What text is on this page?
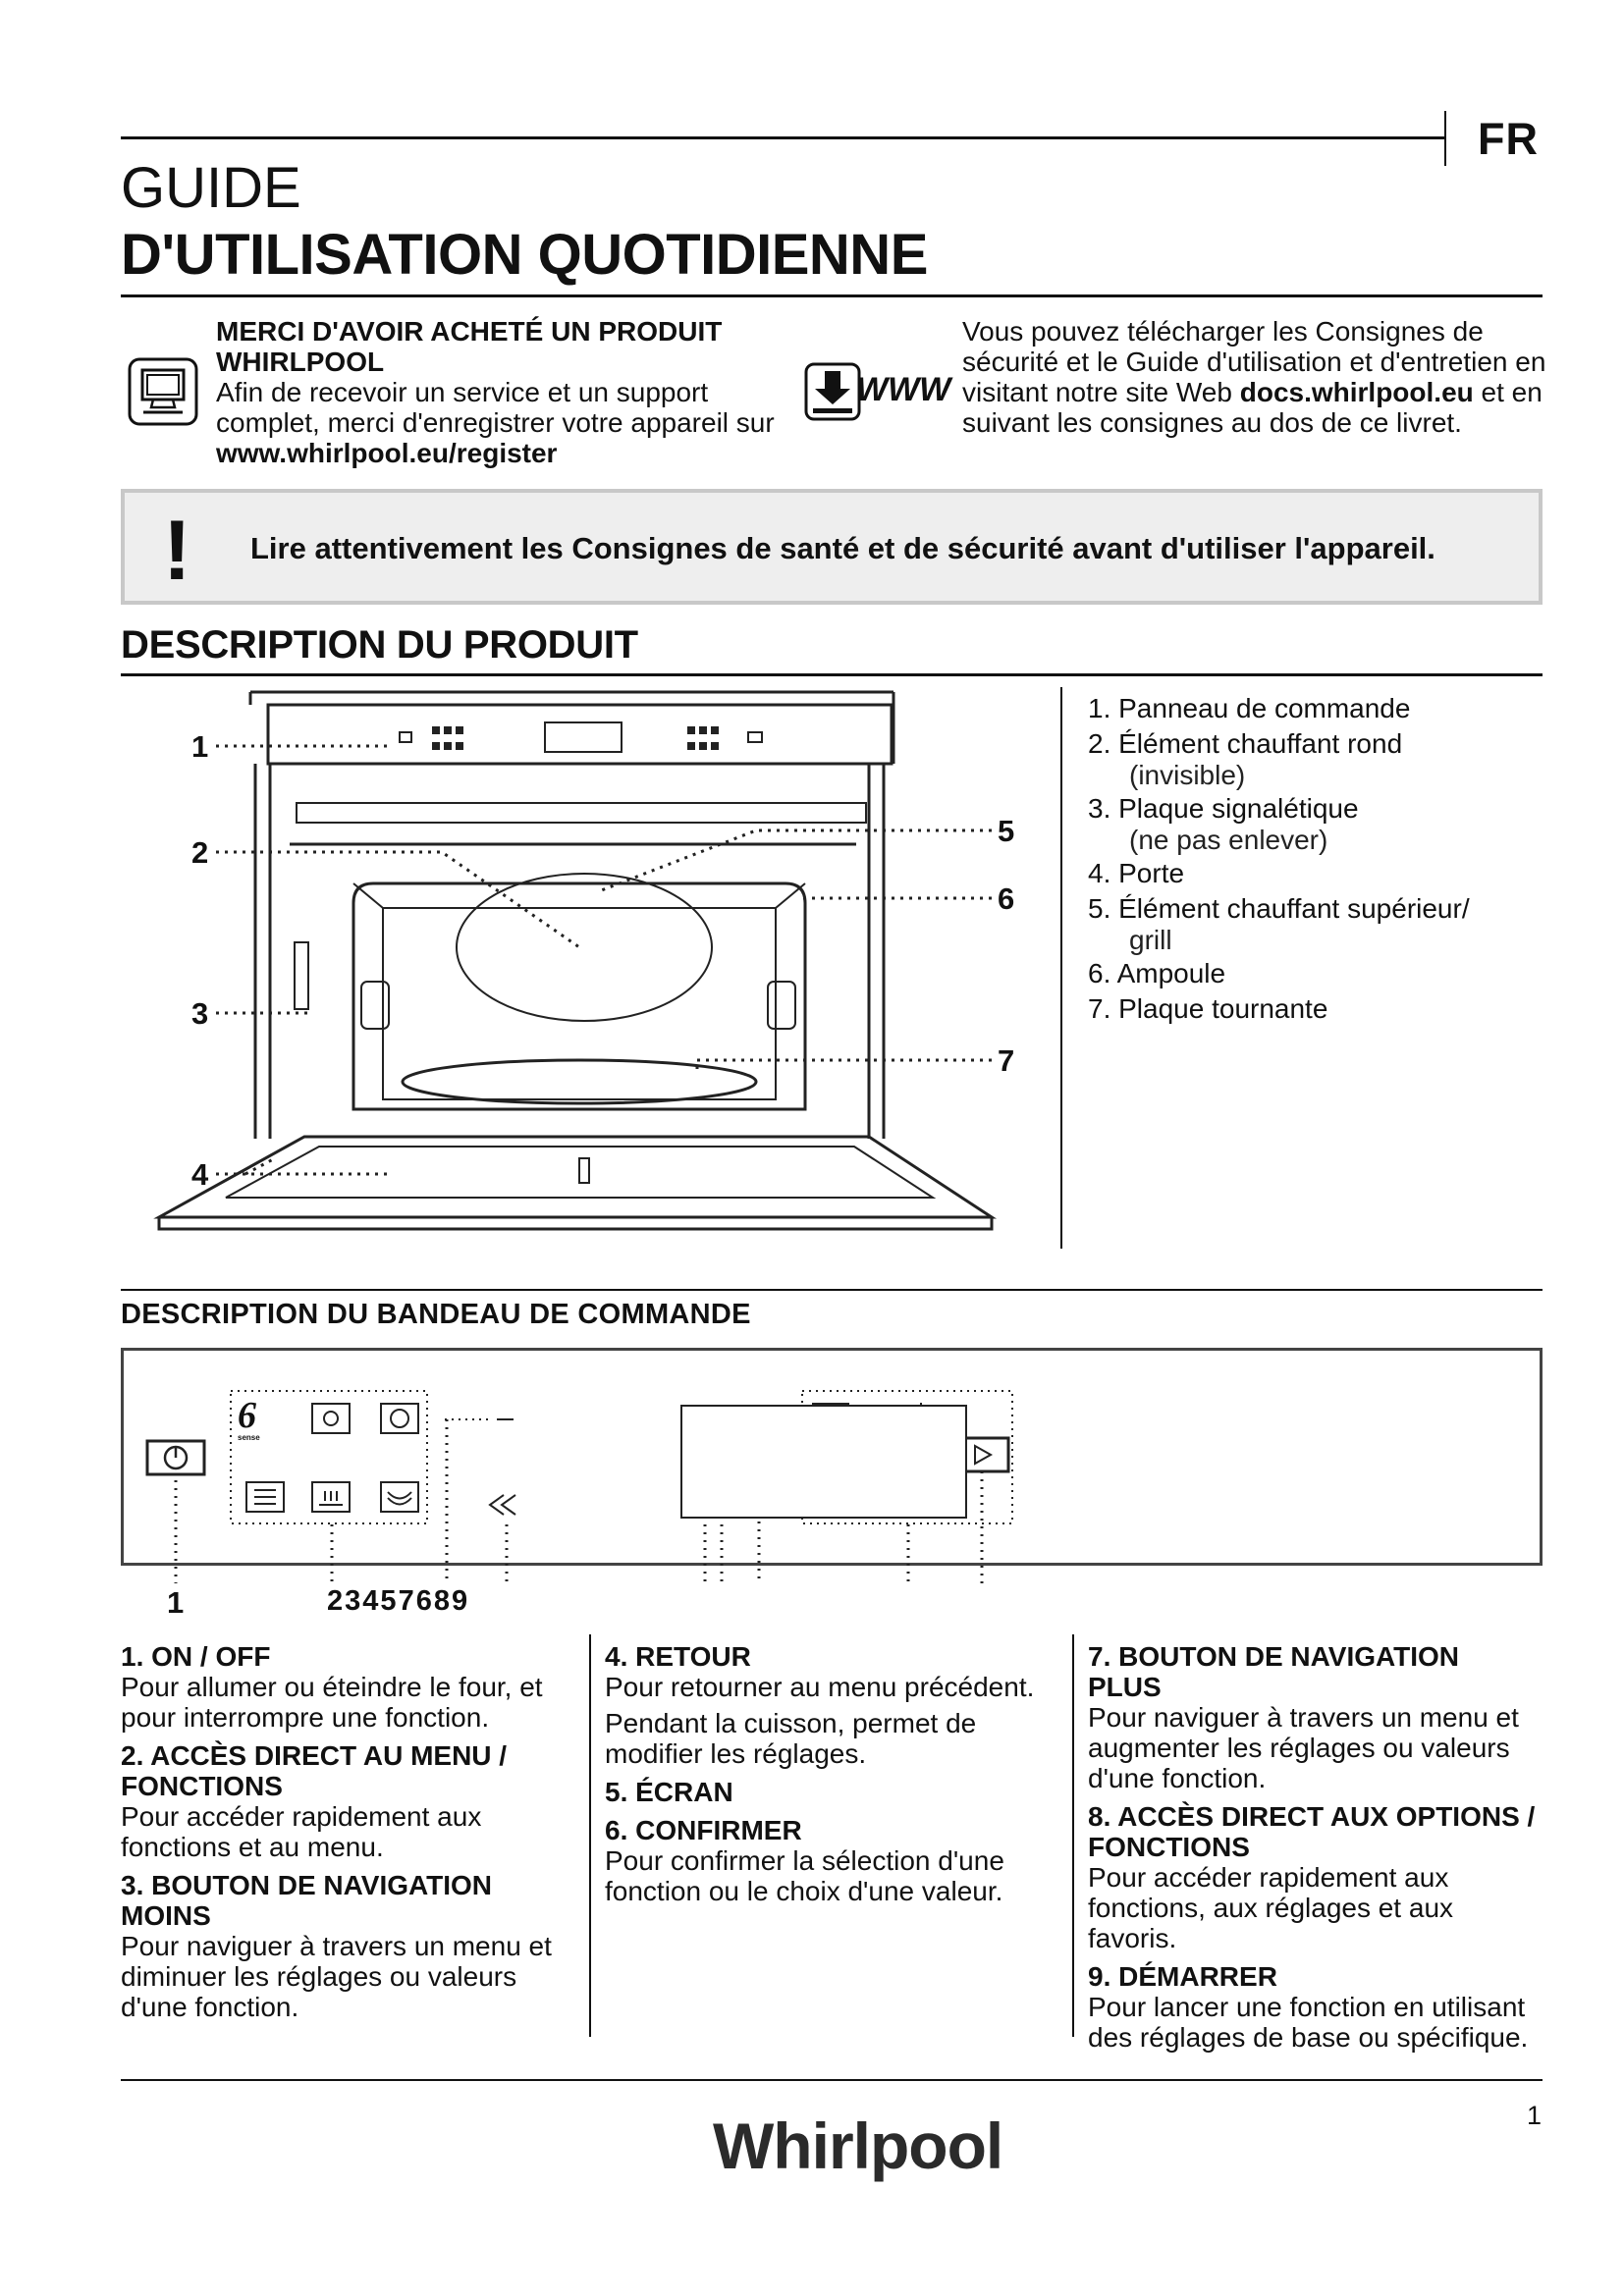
FR
GUIDE
D'UTILISATION QUOTIDIENNE
MERCI D'AVOIR ACHETÉ UN PRODUIT WHIRLPOOL
Afin de recevoir un service et un support complet, merci d'enregistrer votre appareil sur www.whirlpool.eu/register
WWW
Vous pouvez télécharger les Consignes de sécurité et le Guide d'utilisation et d'entretien en visitant notre site Web docs.whirlpool.eu et en suivant les consignes au dos de ce livret.
! Lire attentivement les Consignes de santé et de sécurité avant d'utiliser l'appareil.
DESCRIPTION DU PRODUIT
1
2
3
4
5
6
7
1. Panneau de commande
2. Élément chauffant rond
(invisible)
3. Plaque signalétique
(ne pas enlever)
4. Porte
5. Élément chauffant supérieur/
grill
6. Ampoule
7. Plaque tournante
DESCRIPTION DU BANDEAU DE COMMANDE
6
sense
1	23457689
1. ON / OFF
Pour allumer ou éteindre le four, et pour interrompre une fonction.
2. ACCÈS DIRECT AU MENU / FONCTIONS
Pour accéder rapidement aux fonctions et au menu.
3. BOUTON DE NAVIGATION MOINS
Pour naviguer à travers un menu et diminuer les réglages ou valeurs d'une fonction.
4. RETOUR
Pour retourner au menu précédent.
Pendant la cuisson, permet de modifier les réglages.
5. ÉCRAN
6. CONFIRMER
Pour confirmer la sélection d'une fonction ou le choix d'une valeur.
7. BOUTON DE NAVIGATION PLUS
Pour naviguer à travers un menu et augmenter les réglages ou valeurs d'une fonction.
8. ACCÈS DIRECT AUX OPTIONS / FONCTIONS
Pour accéder rapidement aux fonctions, aux réglages et aux favoris.
9. DÉMARRER
Pour lancer une fonction en utilisant des réglages de base ou spécifique.
1
Whirlpool
